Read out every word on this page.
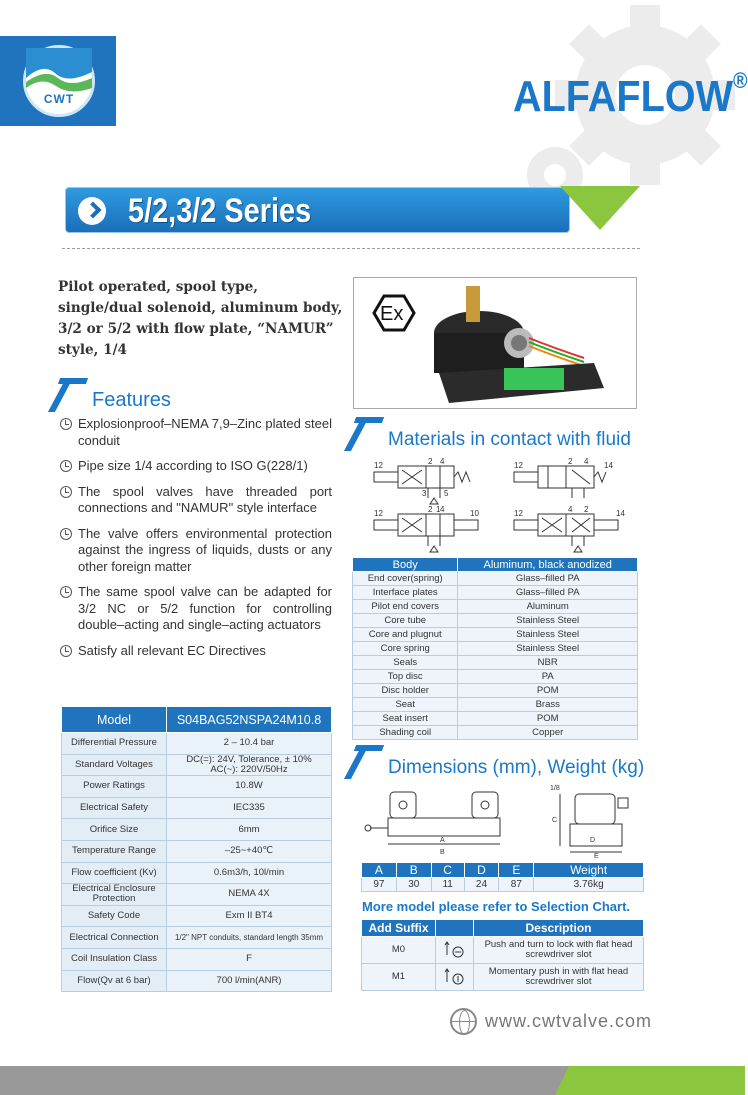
CWT	ALFAFLOW®
5/2,3/2 Series
Pilot operated, spool type, single/dual solenoid, aluminum body, 3/2 or 5/2 with flow plate, “NAMUR” style, 1/4
Ex
Features
Explosionproof–NEMA 7,9–Zinc plated steel conduit
Pipe size 1/4 according to ISO G(228/1)
The spool valves have threaded port connections and "NAMUR" style interface
The valve offers environmental protection against the ingress of liquids, dusts or any other foreign matter
The same spool valve can be adapted for 3/2 NC or 5/2 function for controlling double–acting and single–acting actuators
Satisfy all relevant EC Directives
Model	S04BAG52NSPA24M10.8
Differential Pressure	2 – 10.4 bar
Standard Voltages	DC(=): 24V, Tolerance, ± 10%
AC(~): 220V/50Hz
Power Ratings	10.8W
Electrical Safety	IEC335
Orifice Size	6mm
Temperature Range	–25~+40℃
Flow coefficient (Kv)	0.6m3/h, 10l/min
Electrical Enclosure Protection	NEMA 4X
Safety Code	Exm II BT4
Electrical Connection	1/2" NPT conduits, standard length 35mm
Coil Insulation Class	F
Flow(Qv at 6 bar)	700 l/min(ANR)
Materials in contact with fluid
12	2 4
3 5
1
12	2 4 14
12	2 4	10	12	4 2	14
Body	Aluminum, black anodized
End cover(spring)	Glass–filled PA
Interface plates	Glass–filled PA
Pilot end covers	Aluminum
Core tube	Stainless Steel
Core and plugnut	Stainless Steel
Core spring	Stainless Steel
Seals	NBR
Top disc	PA
Disc holder	POM
Seat	Brass
Seat insert	POM
Shading coil	Copper
Dimensions (mm), Weight (kg)
A
B
C
D
E
1/8
A	B	C	D	E	Weight
97	30	11	24	87	3.76kg
More model please refer to Selection Chart.
Add Suffix		Description
M0		Push and turn to lock with flat head screwdriver slot
M1		Momentary push in with flat head screwdriver slot
www.cwtvalve.com
